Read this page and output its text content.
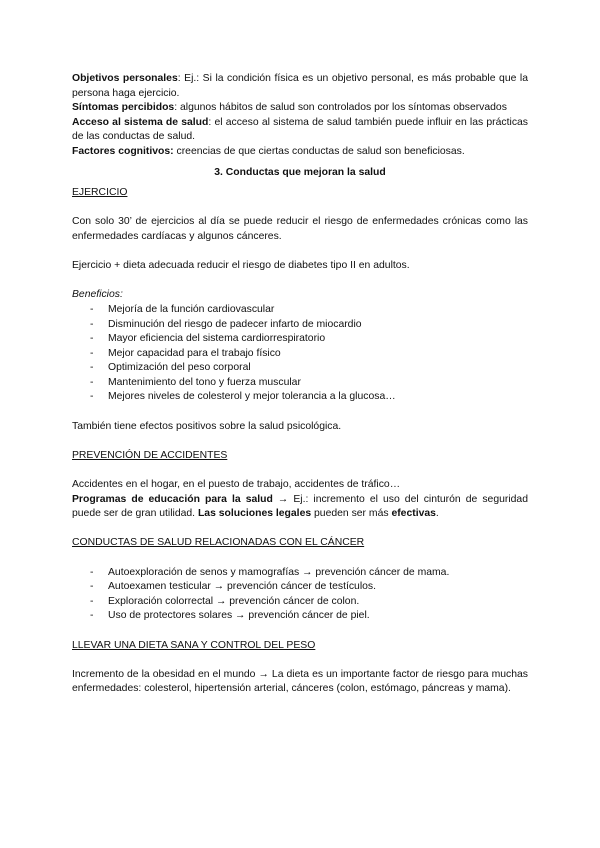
Objetivos personales: Ej.: Si la condición física es un objetivo personal, es más probable que la persona haga ejercicio.

Síntomas percibidos: algunos hábitos de salud son controlados por los síntomas observados

Acceso al sistema de salud: el acceso al sistema de salud también puede influir en las prácticas de las conductas de salud.

Factores cognitivos: creencias de que ciertas conductas de salud son beneficiosas.

3. Conductas que mejoran la salud

EJERCICIO

Con solo 30’ de ejercicios al día se puede reducir el riesgo de enfermedades crónicas como las enfermedades cardíacas y algunos cánceres.

Ejercicio + dieta adecuada reducir el riesgo de diabetes tipo II en adultos.

Beneficios:

- Mejoría de la función cardiovascular
- Disminución del riesgo de padecer infarto de miocardio
- Mayor eficiencia del sistema cardiorrespiratorio
- Mejor capacidad para el trabajo físico
- Optimización del peso corporal
- Mantenimiento del tono y fuerza muscular
- Mejores niveles de colesterol y mejor tolerancia a la glucosa…

También tiene efectos positivos sobre la salud psicológica.

PREVENCIÓN DE ACCIDENTES

Accidentes en el hogar, en el puesto de trabajo, accidentes de tráfico…

Programas de educación para la salud → Ej.: incremento el uso del cinturón de seguridad puede ser de gran utilidad. Las soluciones legales pueden ser más efectivas.

CONDUCTAS DE SALUD RELACIONADAS CON EL CÁNCER

- Autoexploración de senos y mamografías → prevención cáncer de mama.
- Autoexamen testicular → prevención cáncer de testículos.
- Exploración colorrectal → prevención cáncer de colon.
- Uso de protectores solares → prevención cáncer de piel.

LLEVAR UNA DIETA SANA Y CONTROL DEL PESO

Incremento de la obesidad en el mundo → La dieta es un importante factor de riesgo para muchas enfermedades: colesterol, hipertensión arterial, cánceres (colon, estómago, páncreas y mama).
